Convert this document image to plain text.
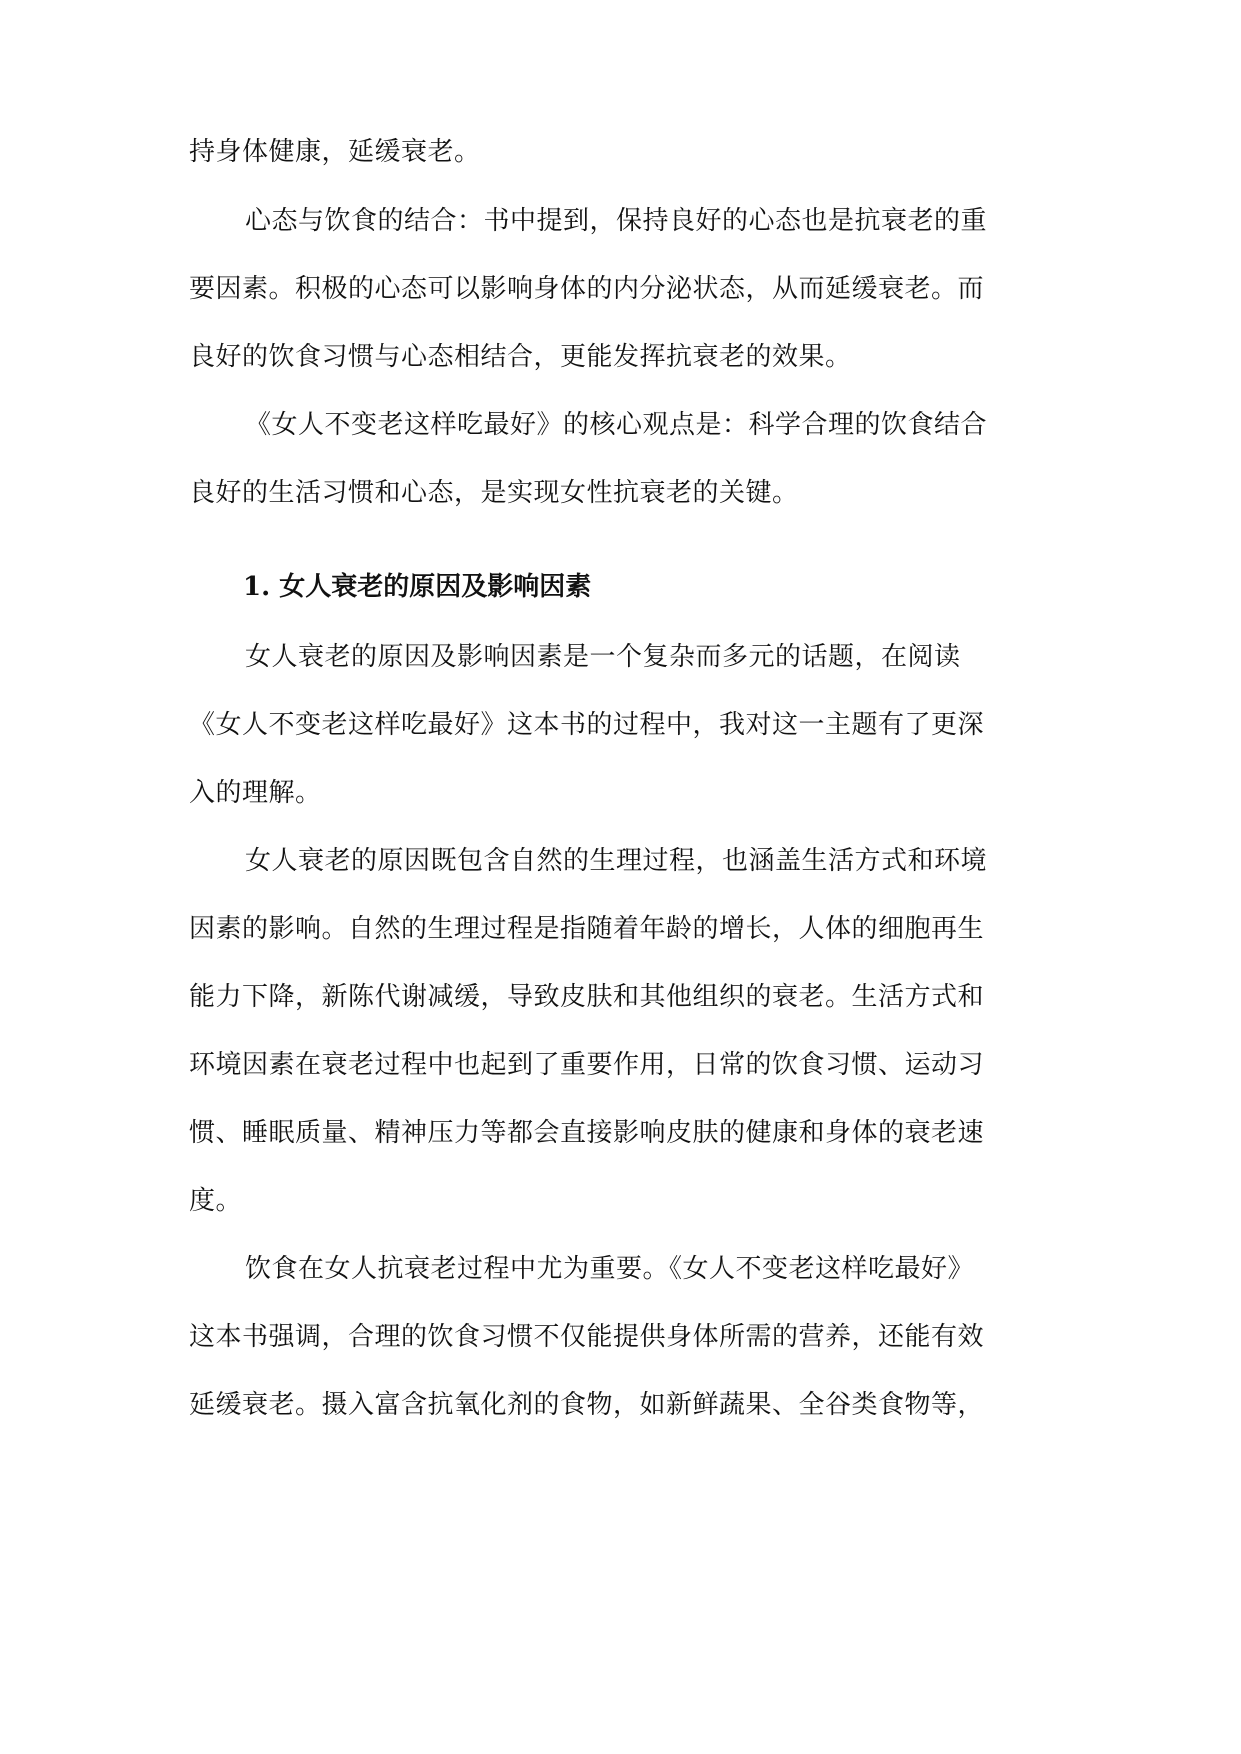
持身体健康，延缓衰老。
心态与饮食的结合：书中提到，保持良好的心态也是抗衰老的重
要因素。积极的心态可以影响身体的内分泌状态，从而延缓衰老。而
良好的饮食习惯与心态相结合，更能发挥抗衰老的效果。
《女人不变老这样吃最好》的核心观点是：科学合理的饮食结合
良好的生活习惯和心态，是实现女性抗衰老的关键。
1. 女人衰老的原因及影响因素
女人衰老的原因及影响因素是一个复杂而多元的话题，在阅读
《女人不变老这样吃最好》这本书的过程中，我对这一主题有了更深
入的理解。
女人衰老的原因既包含自然的生理过程，也涵盖生活方式和环境
因素的影响。自然的生理过程是指随着年龄的增长，人体的细胞再生
能力下降，新陈代谢减缓，导致皮肤和其他组织的衰老。生活方式和
环境因素在衰老过程中也起到了重要作用，日常的饮食习惯、运动习
惯、睡眠质量、精神压力等都会直接影响皮肤的健康和身体的衰老速
度。
饮食在女人抗衰老过程中尤为重要。《女人不变老这样吃最好》
这本书强调，合理的饮食习惯不仅能提供身体所需的营养，还能有效
延缓衰老。摄入富含抗氧化剂的食物，如新鲜蔬果、全谷类食物等，
